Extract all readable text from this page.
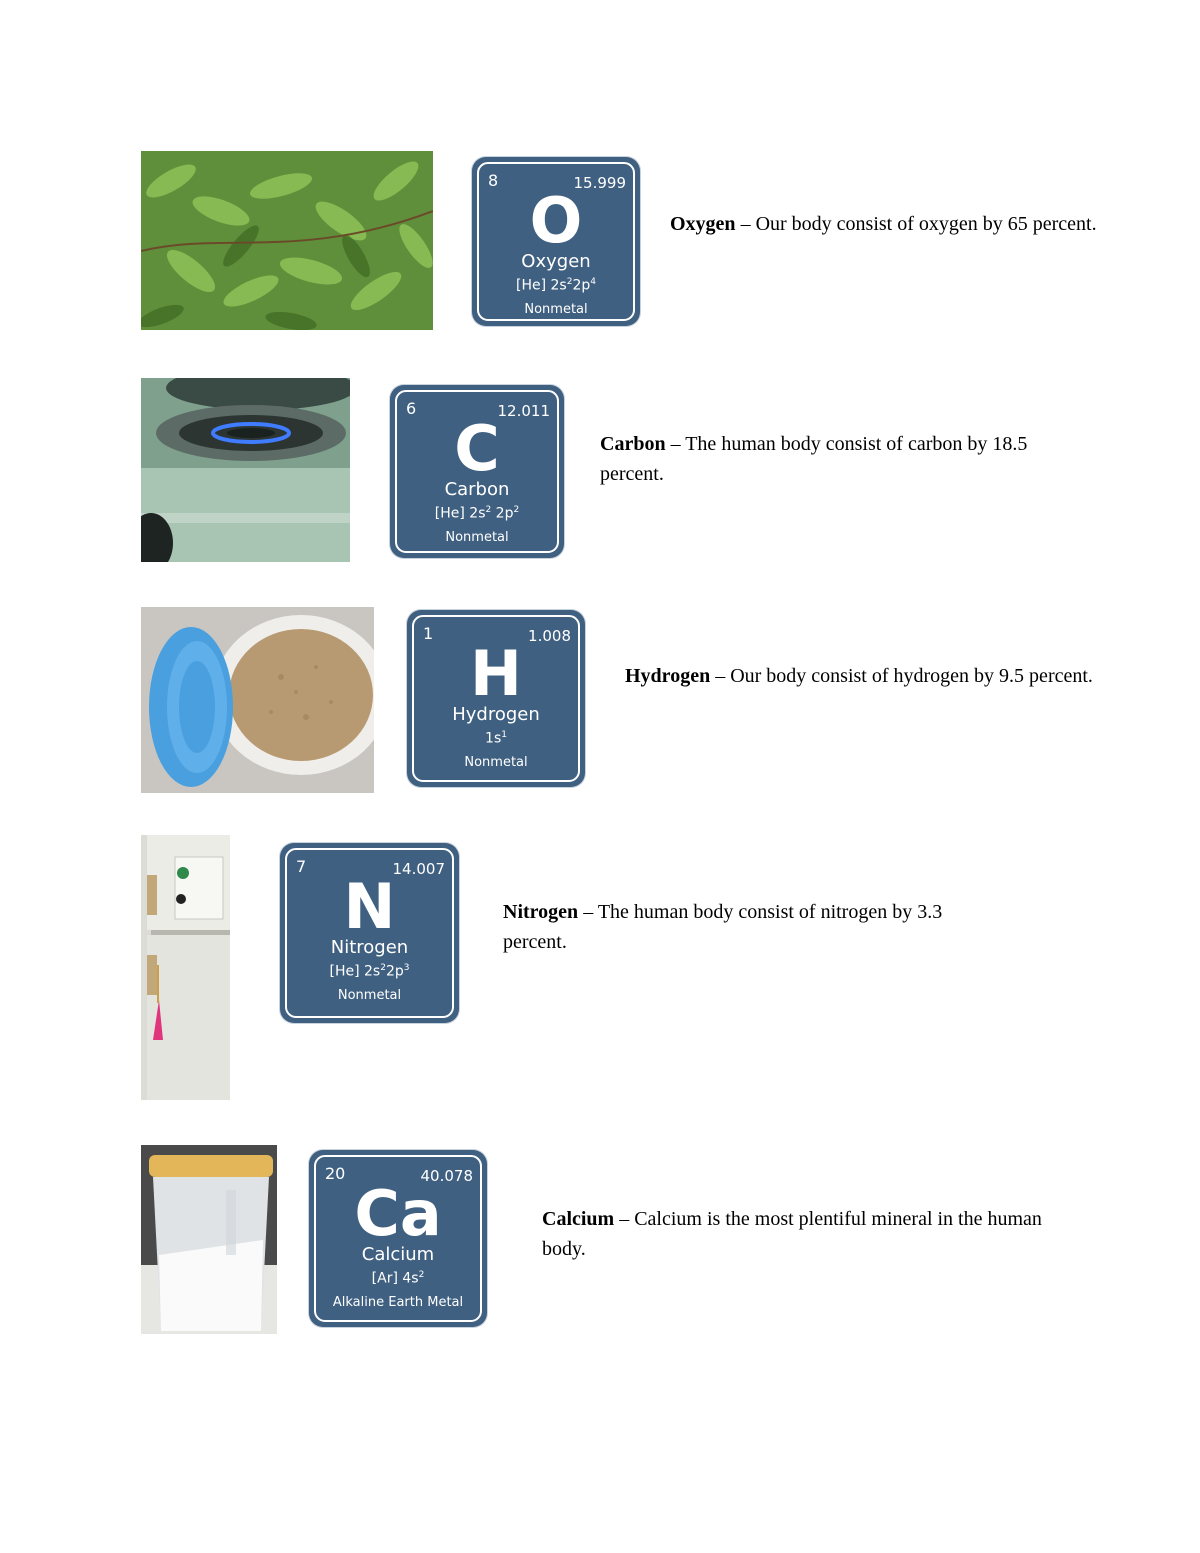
8	15.999
O
Oxygen
[He] $2s^22p^4$
Nonmetal
Oxygen – Our body consist of oxygen by 65 percent.
6	12.011
C
Carbon
[He] $2s^2$ $2p^2$
Nonmetal
Carbon – The human body consist of carbon by 18.5 percent.
1	1.008
H
Hydrogen
$1s^1$
Nonmetal
Hydrogen – Our body consist of hydrogen by 9.5 percent.
7	14.007
N
Nitrogen
[He] $2s^22p^3$
Nonmetal
Nitrogen – The human body consist of nitrogen by 3.3 percent.
20	40.078
Ca
Calcium
[Ar] $4s^2$
Alkaline Earth Metal
Calcium – Calcium is the most plentiful mineral in the human body.
